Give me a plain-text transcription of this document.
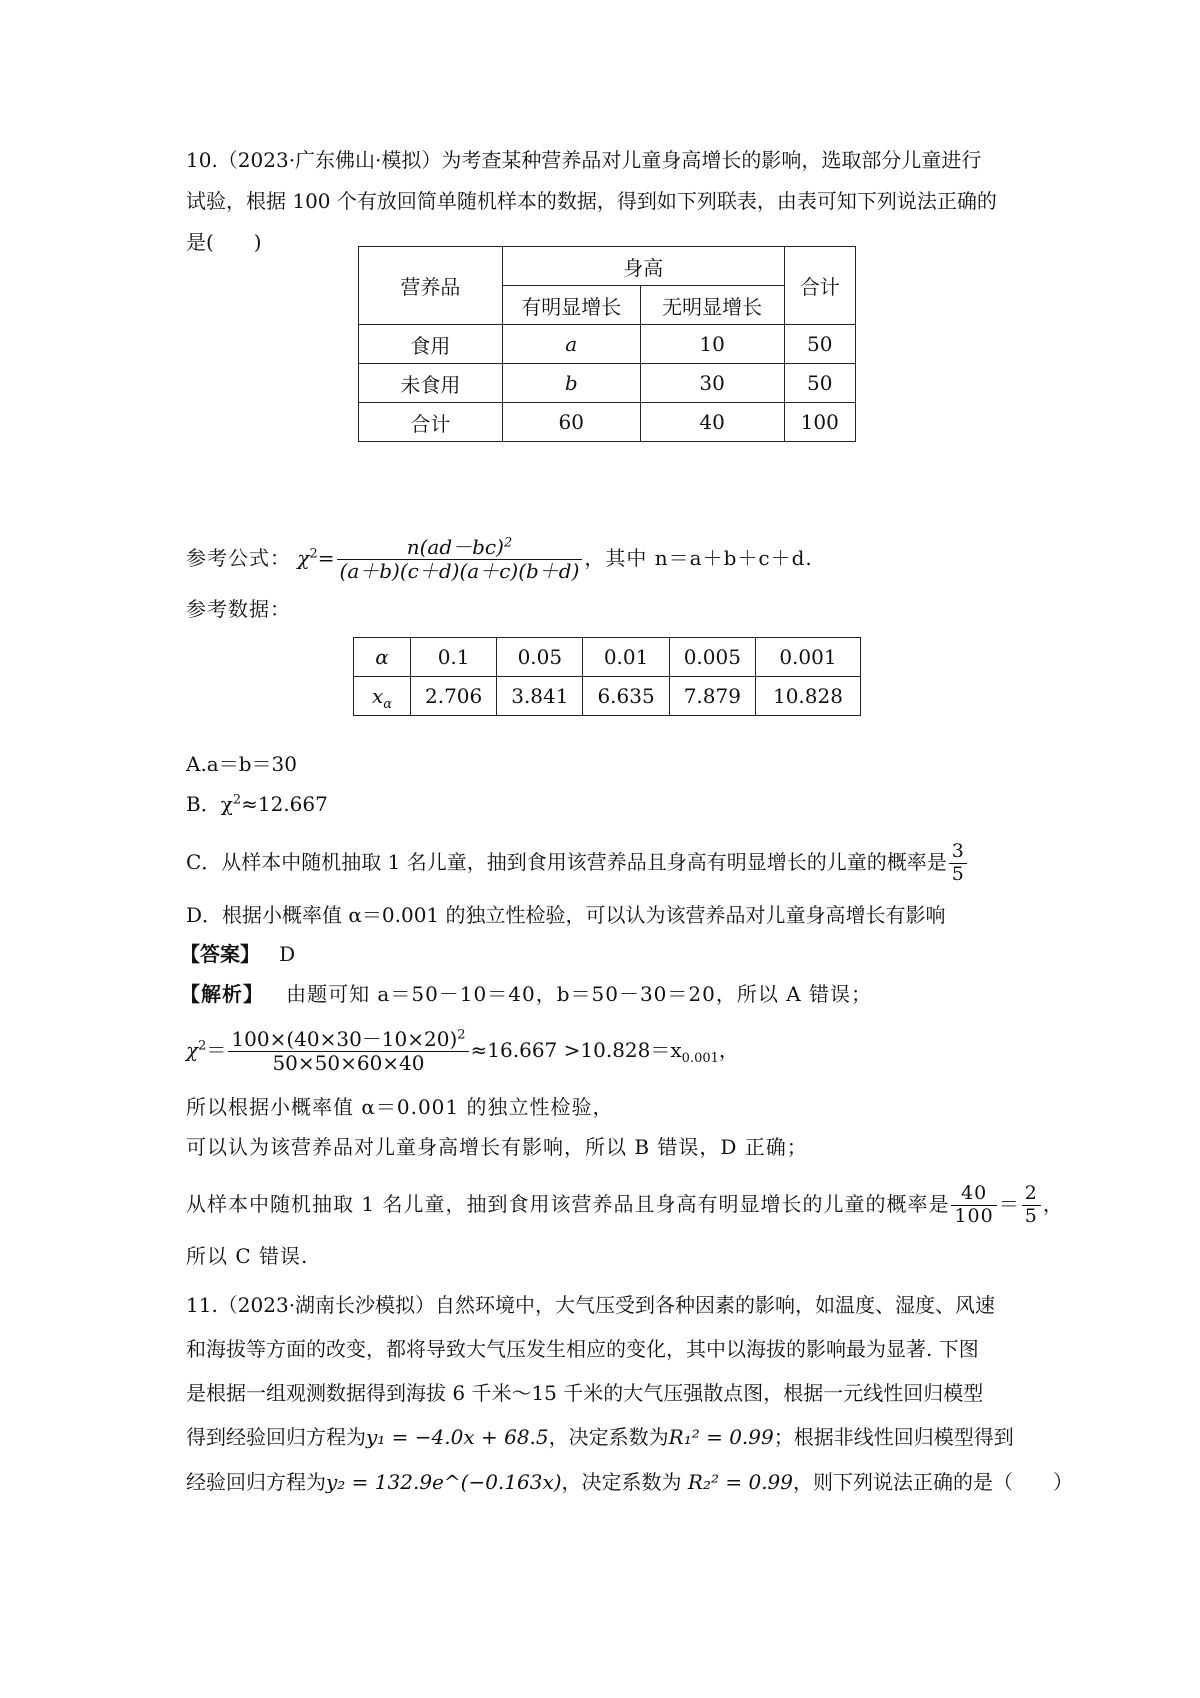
10.（2023·广东佛山·模拟）为考查某种营养品对儿童身高增长的影响，选取部分儿童进行
试验，根据 100 个有放回简单随机样本的数据，得到如下列联表，由表可知下列说法正确的
是(　　)
营养品	身高		合计
	有明显增长	无明显增长	
食用	a	10	50
未食用	b	30	50
合计	60	40	100
参考公式： $\chi^2= \frac{n(ad-bc)^2}{(a+b)(c+d)(a+c)(b+d)}$ ，其中 n＝a＋b＋c＋d.
参考数据：
α	0.1	0.05	0.01	0.005	0.001
$x_\alpha$	2.706	3.841	6.635	7.879	10.828
A.a＝b＝30
B．$\chi^2\approx 12.667$
C．从样本中随机抽取 1 名儿童，抽到食用该营养品且身高有明显增长的儿童的概率是 $\frac{3}{5}$
D．根据小概率值 α＝0.001 的独立性检验，可以认为该营养品对儿童身高增长有影响
【答案】 D
【解析】 由题可知 a＝50－10＝40，b＝50－30＝20，所以 A 错误；
$\chi^2= \frac{100\times(40\times 30-10\times 20)^2}{50\times 50\times 60\times 40} \approx 16.667 >10.828=x_{0.001}$，
所以根据小概率值 α＝0.001 的独立性检验，
可以认为该营养品对儿童身高增长有影响，所以 B 错误，D 正确；
从样本中随机抽取 1 名儿童，抽到食用该营养品且身高有明显增长的儿童的概率是 $\frac{40}{100} = \frac{2}{5}$ ，
所以 C 错误.
11.（2023·湖南长沙模拟）自然环境中，大气压受到各种因素的影响，如温度、湿度、风速
和海拔等方面的改变，都将导致大气压发生相应的变化，其中以海拔的影响最为显著. 下图
是根据一组观测数据得到海拔 6 千米～15 千米的大气压强散点图，根据一元线性回归模型
得到经验回归方程为y₁ = −4.0x + 68.5，决定系数为R₁² = 0.99；根据非线性回归模型得到
经验回归方程为y₂ = 132.9e^(−0.163x)，决定系数为 R₂² = 0.99，则下列说法正确的是（　　）
